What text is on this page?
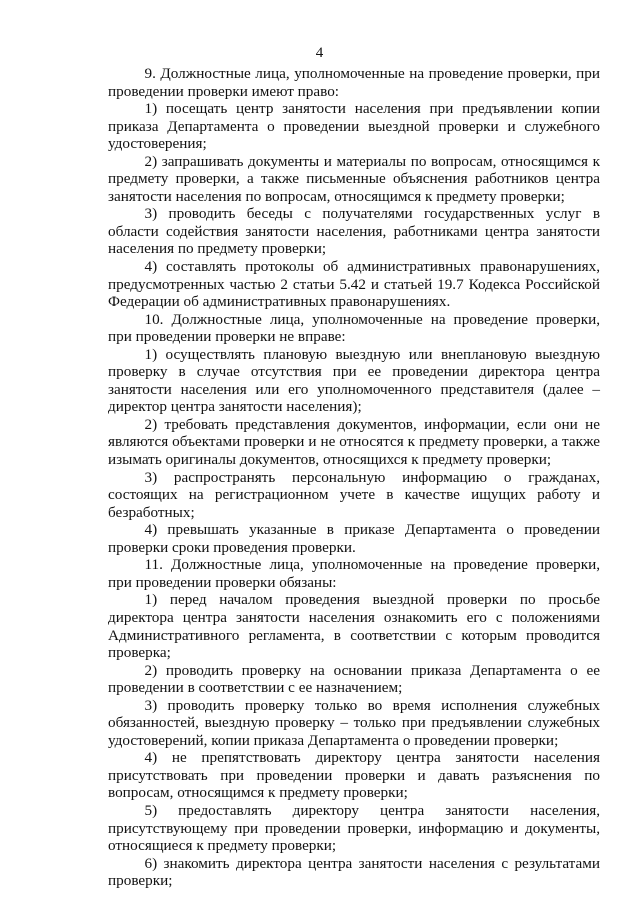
4

9. Должностные лица, уполномоченные на проведение проверки, при проведении проверки имеют право:

1) посещать центр занятости населения при предъявлении копии приказа Департамента о проведении выездной проверки и служебного удостоверения;

2) запрашивать документы и материалы по вопросам, относящимся к предмету проверки, а также письменные объяснения работников центра занятости населения по вопросам, относящимся к предмету проверки;

3) проводить беседы с получателями государственных услуг в области содействия занятости населения, работниками центра занятости населения по предмету проверки;

4) составлять протоколы об административных правонарушениях, предусмотренных частью 2 статьи 5.42 и статьей 19.7 Кодекса Российской Федерации об административных правонарушениях.

10. Должностные лица, уполномоченные на проведение проверки, при проведении проверки не вправе:

1) осуществлять плановую выездную или внеплановую выездную проверку в случае отсутствия при ее проведении директора центра занятости населения или его уполномоченного представителя (далее – директор центра занятости населения);

2) требовать представления документов, информации, если они не являются объектами проверки и не относятся к предмету проверки, а также изымать оригиналы документов, относящихся к предмету проверки;

3) распространять персональную информацию о гражданах, состоящих на регистрационном учете в качестве ищущих работу и безработных;

4) превышать указанные в приказе Департамента о проведении проверки сроки проведения проверки.

11. Должностные лица, уполномоченные на проведение проверки, при проведении проверки обязаны:

1) перед началом проведения выездной проверки по просьбе директора центра занятости населения ознакомить его с положениями Административного регламента, в соответствии с которым проводится проверка;

2) проводить проверку на основании приказа Департамента о ее проведении в соответствии с ее назначением;

3) проводить проверку только во время исполнения служебных обязанностей, выездную проверку – только при предъявлении служебных удостоверений, копии приказа Департамента о проведении проверки;

4) не препятствовать директору центра занятости населения присутствовать при проведении проверки и давать разъяснения по вопросам, относящимся к предмету проверки;

5) предоставлять директору центра занятости населения, присутствующему при проведении проверки, информацию и документы, относящиеся к предмету проверки;

6) знакомить директора центра занятости населения с результатами проверки;
